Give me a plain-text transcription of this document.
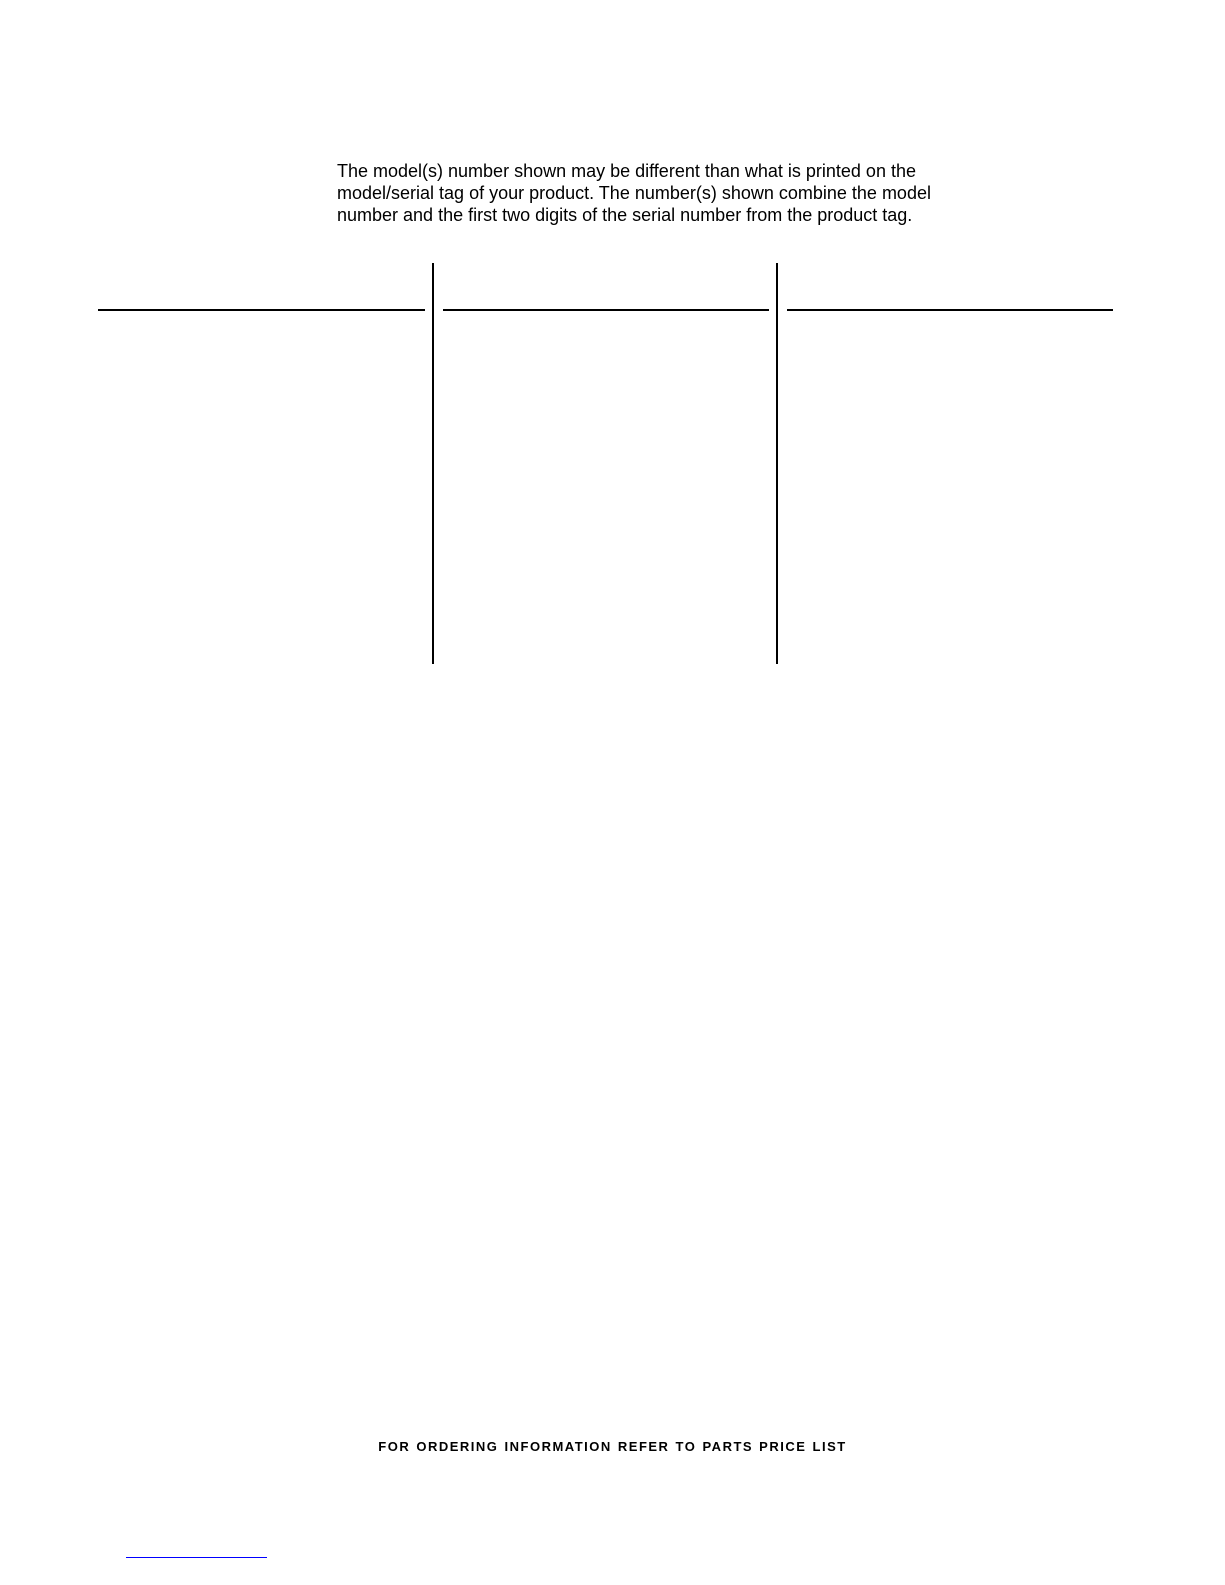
The model(s) number shown may be different than what is printed on the
model/serial tag of your product. The number(s) shown combine the model
number and the first two digits of the serial number from the product tag.

FOR ORDERING INFORMATION REFER TO PARTS PRICE LIST
